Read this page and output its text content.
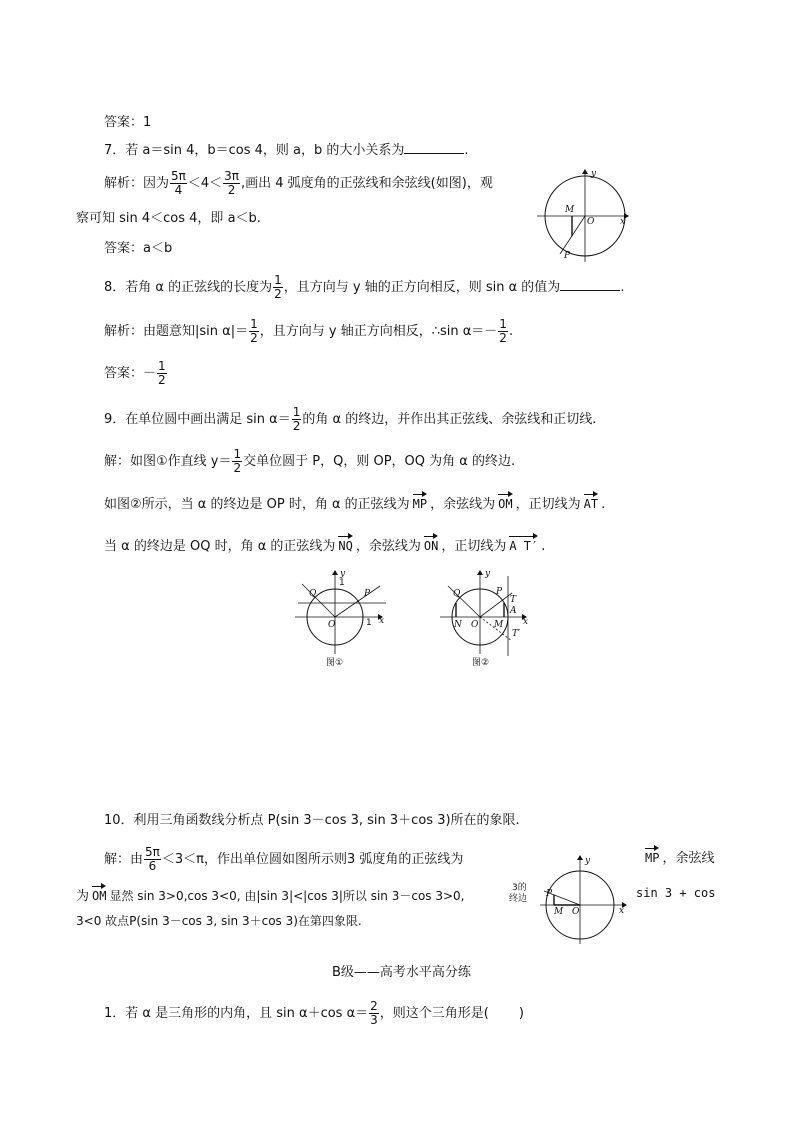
答案：1
7．若 a＝sin 4，b＝cos 4，则 a，b 的大小关系为	.
解析：因为 $\frac{5\pi}{4} <4< \frac{3\pi}{2}$ ,画出 4 弧度角的正弦线和余弦线(如图)，观
察可知 sin 4＜cos 4，即 a＜b.
答案：a＜b
y
x
M
O
P
8．若角 α 的正弦线的长度为 $\frac{1}{2}$ ，且方向与 y 轴的正方向相反，则 sin α 的值为	.
解析：由题意知|sin $\alpha|= \frac{1}{2}$ ，且方向与 y 轴正方向相反，∴sin $\alpha=- \frac{1}{2}$ .
答案：－ $\frac{1}{2}$
9．在单位圆中画出满足 $\sin \alpha= \frac{1}{2}$ 的角 α 的终边，并作出其正弦线、余弦线和正切线.
解：如图①作直线 $y= \frac{1}{2}$ 交单位圆于 P，Q，则 OP，OQ 为角 α 的终边.
如图②所示，当 α 的终边是 OP 时，角 α 的正弦线为 MP ，余弦线为 OM ，正切线为 AT .
当 α 的终边是 OQ 时，角 α 的正弦线为 NQ ，余弦线为 ON ，正切线为 A T′ .
y
x
Q	P
O
1
1
图①
y
x
Q	P
T
A
N O M
T′
图②
10．利用三角函数线分析点 P(sin 3－cos 3, sin 3＋cos 3)所在的象限.
解：由 $\frac{5\pi}{6} <3<\pi$，作出单位圆如图所示则3 弧度角的正弦线为	MP ，余弦线
为 OM 显然 sin 3>0,cos 3<0, 由|sin 3|<|cos 3|所以 sin 3－cos 3>0,	sin 3 + cos
3<0 故点P(sin 3－cos 3, sin 3＋cos 3)在第四象限.
y
x
3的
终边 P
M O
B级——高考水平高分练
1．若 α 是三角形的内角，且 sin α＋cos $\alpha= \frac{2}{3}$ ，则这个三角形是( )
